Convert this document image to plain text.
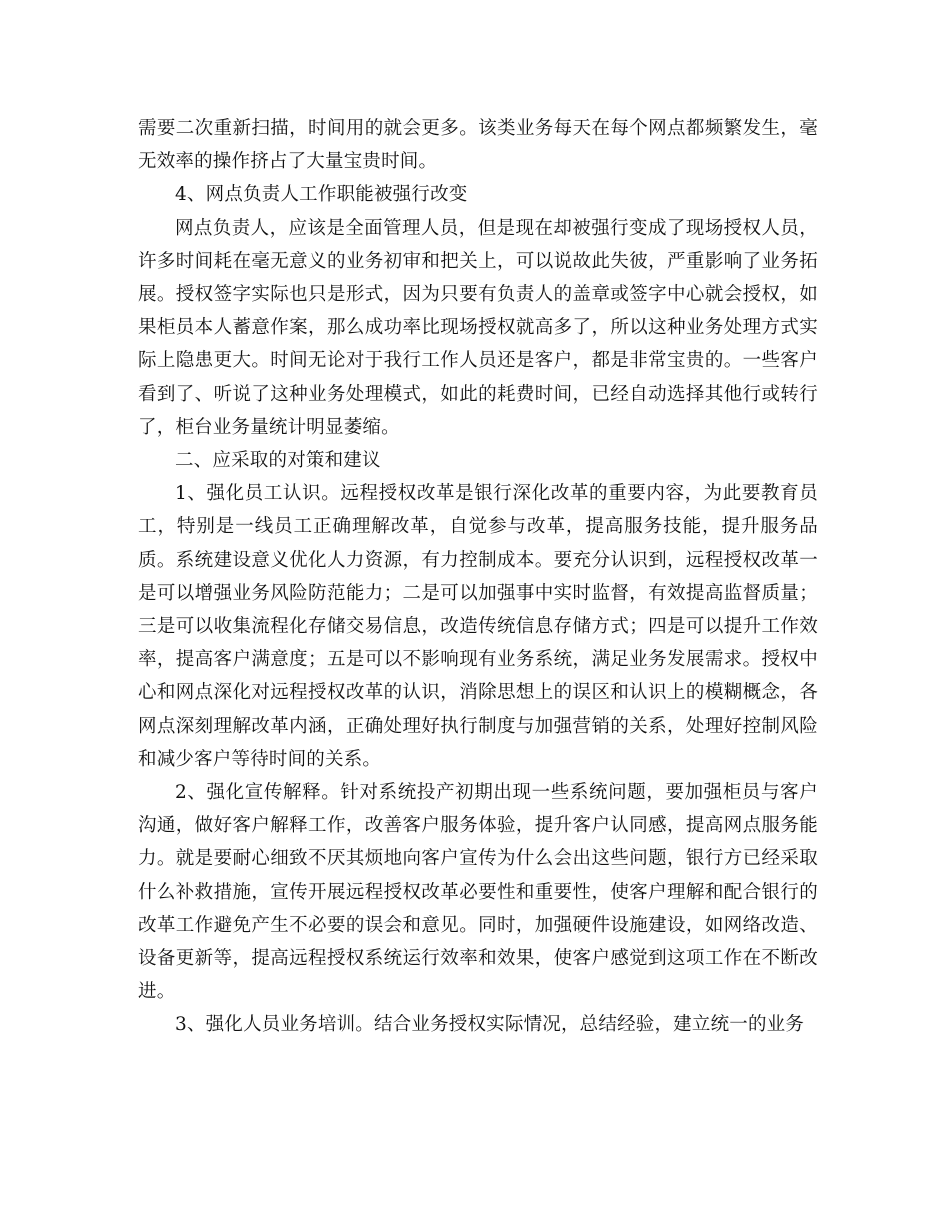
需要二次重新扫描，时间用的就会更多。该类业务每天在每个网点都频繁发生，毫无效率的操作挤占了大量宝贵时间。

4、网点负责人工作职能被强行改变

网点负责人，应该是全面管理人员，但是现在却被强行变成了现场授权人员，许多时间耗在毫无意义的业务初审和把关上，可以说故此失彼，严重影响了业务拓展。授权签字实际也只是形式，因为只要有负责人的盖章或签字中心就会授权，如果柜员本人蓄意作案，那么成功率比现场授权就高多了，所以这种业务处理方式实际上隐患更大。时间无论对于我行工作人员还是客户，都是非常宝贵的。一些客户看到了、听说了这种业务处理模式，如此的耗费时间，已经自动选择其他行或转行了，柜台业务量统计明显萎缩。

二、应采取的对策和建议

1、强化员工认识。远程授权改革是银行深化改革的重要内容，为此要教育员工，特别是一线员工正确理解改革，自觉参与改革，提高服务技能，提升服务品质。系统建设意义优化人力资源，有力控制成本。要充分认识到，远程授权改革一是可以增强业务风险防范能力；二是可以加强事中实时监督，有效提高监督质量；三是可以收集流程化存储交易信息，改造传统信息存储方式；四是可以提升工作效率，提高客户满意度；五是可以不影响现有业务系统，满足业务发展需求。授权中心和网点深化对远程授权改革的认识，消除思想上的误区和认识上的模糊概念，各网点深刻理解改革内涵，正确处理好执行制度与加强营销的关系，处理好控制风险和减少客户等待时间的关系。

2、强化宣传解释。针对系统投产初期出现一些系统问题，要加强柜员与客户沟通，做好客户解释工作，改善客户服务体验，提升客户认同感，提高网点服务能力。就是要耐心细致不厌其烦地向客户宣传为什么会出这些问题，银行方已经采取什么补救措施，宣传开展远程授权改革必要性和重要性，使客户理解和配合银行的改革工作避免产生不必要的误会和意见。同时，加强硬件设施建设，如网络改造、设备更新等，提高远程授权系统运行效率和效果，使客户感觉到这项工作在不断改进。

3、强化人员业务培训。结合业务授权实际情况，总结经验，建立统一的业务
